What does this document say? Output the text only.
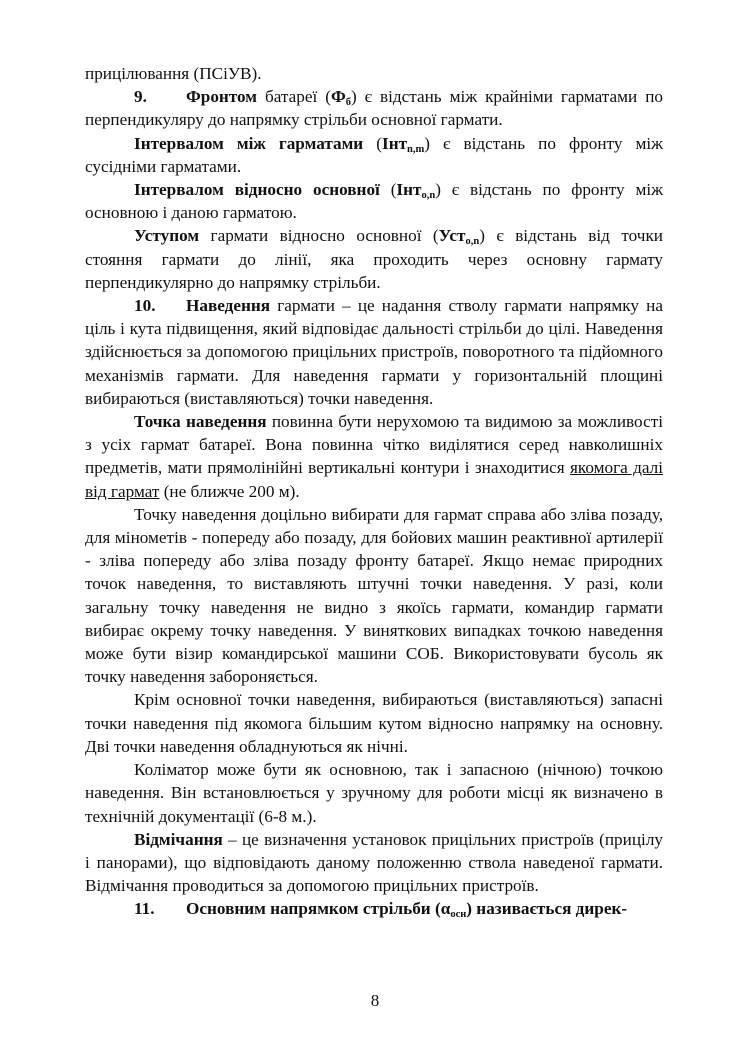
прицілювання (ПСіУВ).

9. Фронтом батареї $(Ф_б)$ є відстань між крайніми гарматами по перпендикуляру до напрямку стрільби основної гармати.

Інтервалом між гарматами (Інт$_{n,m}$) є відстань по фронту між сусідніми гарматами.

Інтервалом відносно основної (Інт$_{o,n}$) є відстань по фронту між основною і даною гарматою.

Уступом гармати відносно основної (Уст$_{o,n}$) є відстань від точки стояння гармати до лінії, яка проходить через основну гармату перпендикулярно до напрямку стрільби.

10. Наведення гармати – це надання стволу гармати напрямку на ціль і кута підвищення, який відповідає дальності стрільби до цілі. Наведення здійснюється за допомогою прицільних пристроїв, поворотного та підйомного механізмів гармати. Для наведення гармати у горизонтальній площині вибираються (виставляються) точки наведення.

Точка наведення повинна бути нерухомою та видимою за можливості з усіх гармат батареї. Вона повинна чітко виділятися серед навколишніх предметів, мати прямолінійні вертикальні контури і знаходитися якомога далі від гармат (не ближче 200 м).

Точку наведення доцільно вибирати для гармат справа або зліва позаду, для мінометів - попереду або позаду, для бойових машин реактивної артилерії - зліва попереду або зліва позаду фронту батареї. Якщо немає природних точок наведення, то виставляють штучні точки наведення. У разі, коли загальну точку наведення не видно з якоїсь гармати, командир гармати вибирає окрему точку наведення. У виняткових випадках точкою наведення може бути візир командирської машини СОБ. Використовувати бусоль як точку наведення забороняється.

Крім основної точки наведення, вибираються (виставляються) запасні точки наведення під якомога більшим кутом відносно напрямку на основну. Дві точки наведення обладнуються як нічні.

Коліматор може бути як основною, так і запасною (нічною) точкою наведення. Він встановлюється у зручному для роботи місці як визначено в технічній документації (6-8 м.).

Відмічання – це визначення установок прицільних пристроїв (прицілу і панорами), що відповідають даному положенню ствола наведеної гармати. Відмічання проводиться за допомогою прицільних пристроїв.

11. Основним напрямком стрільби $(\alpha_{осн})$ називається дирек-

8
